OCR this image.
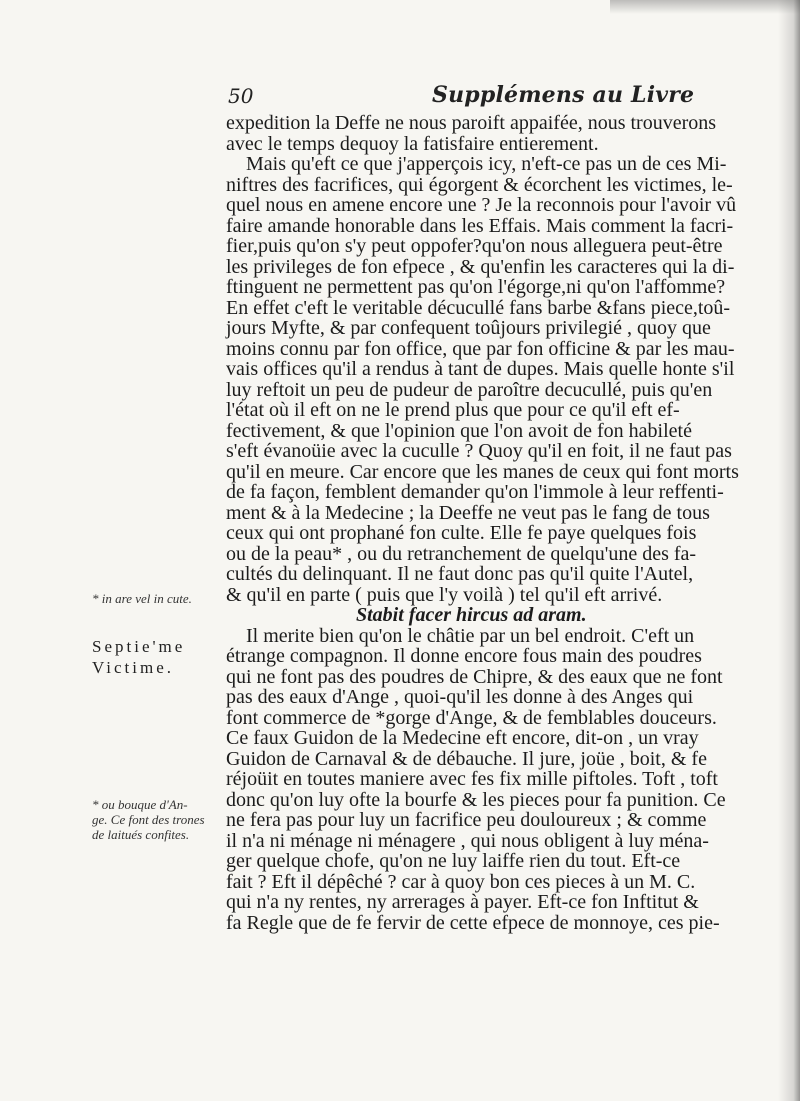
50	Supplémens au Livre
* in are vel in cute.
Septie'me
Victime.
* ou bouque d'An-
ge. Ce font des trones
de laitués confites.
expedition la Deffe ne nous paroift appaifée, nous trouverons
avec le temps dequoy la fatisfaire entierement.
Mais qu'eft ce que j'apperçois icy, n'eft-ce pas un de ces Mi-
niftres des facrifices, qui égorgent & écorchent les victimes, le-
quel nous en amene encore une ? Je la reconnois pour l'avoir vû
faire amande honorable dans les Effais. Mais comment la facri-
fier,puis qu'on s'y peut oppofer?qu'on nous alleguera peut-être
les privileges de fon efpece , & qu'enfin les caracteres qui la di-
ftinguent ne permettent pas qu'on l'égorge,ni qu'on l'affomme?
En effet c'eft le veritable décucullé fans barbe &fans piece,toû-
jours Myfte, & par confequent toûjours privilegié , quoy que
moins connu par fon office, que par fon officine & par les mau-
vais offices qu'il a rendus à tant de dupes. Mais quelle honte s'il
luy reftoit un peu de pudeur de paroître decucullé, puis qu'en
l'état où il eft on ne le prend plus que pour ce qu'il eft ef-
fectivement, & que l'opinion que l'on avoit de fon habileté
s'eft évanoüie avec la cuculle ? Quoy qu'il en foit, il ne faut pas
qu'il en meure. Car encore que les manes de ceux qui font morts
de fa façon, femblent demander qu'on l'immole à leur reffenti-
ment & à la Medecine ; la Deeffe ne veut pas le fang de tous
ceux qui ont prophané fon culte. Elle fe paye quelques fois
ou de la peau* , ou du retranchement de quelqu'une des fa-
cultés du delinquant. Il ne faut donc pas qu'il quite l'Autel,
& qu'il en parte ( puis que l'y voilà ) tel qu'il eft arrivé.
Stabit facer hircus ad aram.
Il merite bien qu'on le châtie par un bel endroit. C'eft un
étrange compagnon. Il donne encore fous main des poudres
qui ne font pas des poudres de Chipre, & des eaux que ne font
pas des eaux d'Ange , quoi-qu'il les donne à des Anges qui
font commerce de *gorge d'Ange, & de femblables douceurs.
Ce faux Guidon de la Medecine eft encore, dit-on , un vray
Guidon de Carnaval & de débauche. Il jure, joüe , boit, & fe
réjoüit en toutes maniere avec fes fix mille piftoles. Toft , toft
donc qu'on luy ofte la bourfe & les pieces pour fa punition. Ce
ne fera pas pour luy un facrifice peu douloureux ; & comme
il n'a ni ménage ni ménagere , qui nous obligent à luy ména-
ger quelque chofe, qu'on ne luy laiffe rien du tout. Eft-ce
fait ? Eft il dépêché ? car à quoy bon ces pieces à un M. C.
qui n'a ny rentes, ny arrerages à payer. Eft-ce fon Inftitut &
fa Regle que de fe fervir de cette efpece de monnoye, ces pie-
